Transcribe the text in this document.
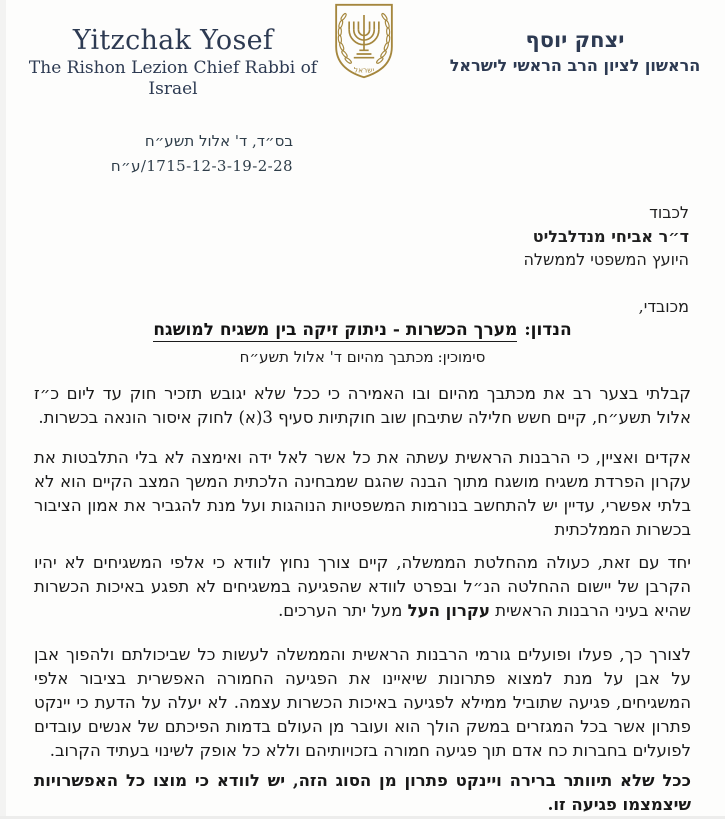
Yitzchak Yosef
The Rishon Lezion Chief Rabbi of Israel
ישראל
יצחק יוסף
הראשון לציון הרב הראשי לישראל
בס״ד, ד' אלול תשע״ח
1715-12-3-19-2-28/ע״ח
לכבוד
ד״ר אביחי מנדלבליט
היועץ המשפטי לממשלה
מכובדי,
הנדון:מערך הכשרות - ניתוק זיקה בין משגיח למושגח
סימוכין:מכתבך מהיום ד' אלול תשע״ח

קבלתי בצער רב את מכתבך מהיום ובו האמירה כי ככל שלא יגובש תזכיר חוק עד ליום כ״ז אלול תשע״ח, קיים חשש חלילה שתיבחן שוב חוקתיות סעיף 3(א) לחוק איסור הונאה בכשרות.

אקדים ואציין, כי הרבנות הראשית עשתה את כל אשר לאל ידה ואימצה לא בלי התלבטות את עקרון הפרדת משגיח מושגח מתוך הבנה שהגם שמבחינה הלכתית המשך המצב הקיים הוא לא בלתי אפשרי, עדיין יש להתחשב בנורמות המשפטיות הנוהגות ועל מנת להגביר את אמון הציבור בכשרות הממלכתית

יחד עם זאת, כעולה מהחלטת הממשלה, קיים צורך נחוץ לוודא כי אלפי המשגיחים לא יהיו הקרבן של יישום ההחלטה הנ״ל ובפרט לוודא שהפגיעה במשגיחים לא תפגע באיכות הכשרות שהיא בעיני הרבנות הראשית עקרון העל מעל יתר הערכים.

לצורך כך, פעלו ופועלים גורמי הרבנות הראשית והממשלה לעשות כל שביכולתם ולהפוך אבן על אבן על מנת למצוא פתרונות שיאיינו את הפגיעה החמורה האפשרית בציבור אלפי המשגיחים, פגיעה שתוביל ממילא לפגיעה באיכות הכשרות עצמה. לא יעלה על הדעת כי יינקט פתרון אשר בכל המגזרים במשק הולך הוא ועובר מן העולם בדמות הפיכתם של אנשים עובדים לפועלים בחברות כח אדם תוך פגיעה חמורה בזכויותיהם וללא כל אופק לשינוי בעתיד הקרוב.

ככל שלא תיוותר ברירה ויינקט פתרון מן הסוג הזה, יש לוודא כי מוצו כל האפשרויות שיצמצמו פגיעה זו.
